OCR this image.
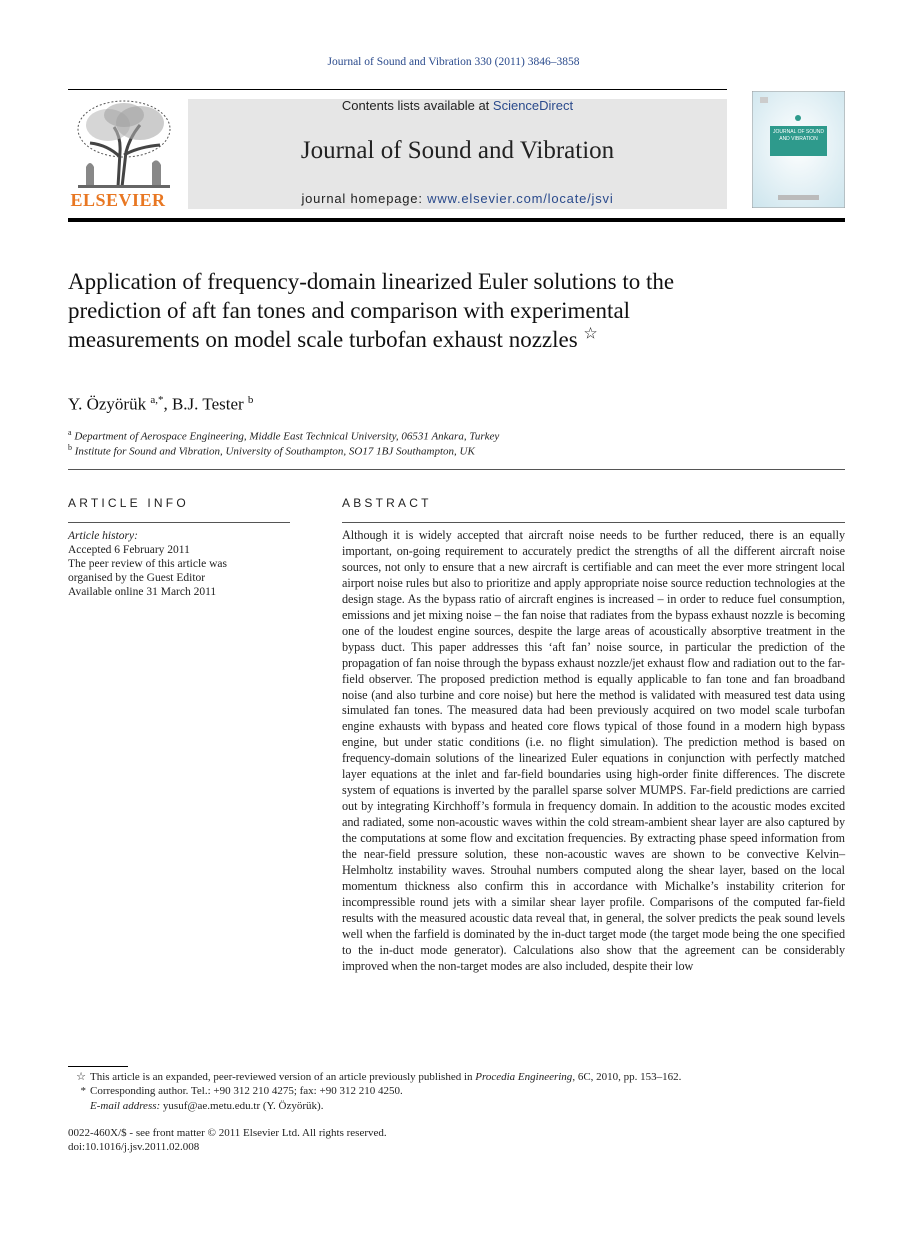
Journal of Sound and Vibration 330 (2011) 3846–3858
ELSEVIER
Contents lists available at ScienceDirect
Journal of Sound and Vibration
journal homepage: www.elsevier.com/locate/jsvi
JOURNAL OF SOUND AND VIBRATION
Application of frequency-domain linearized Euler solutions to the prediction of aft fan tones and comparison with experimental measurements on model scale turbofan exhaust nozzles ☆
Y. Özyörük $^{a,*}$, B.J. Tester $^b$
$^a$ Department of Aerospace Engineering, Middle East Technical University, 06531 Ankara, Turkey
$^b$ Institute for Sound and Vibration, University of Southampton, SO17 1BJ Southampton, UK
ARTICLE INFO
Article history:
Accepted 6 February 2011
The peer review of this article was
organised by the Guest Editor
Available online 31 March 2011
ABSTRACT
Although it is widely accepted that aircraft noise needs to be further reduced, there is an equally important, on-going requirement to accurately predict the strengths of all the different aircraft noise sources, not only to ensure that a new aircraft is certifiable and can meet the ever more stringent local airport noise rules but also to prioritize and apply appropriate noise source reduction technologies at the design stage. As the bypass ratio of aircraft engines is increased – in order to reduce fuel consumption, emissions and jet mixing noise – the fan noise that radiates from the bypass exhaust nozzle is becoming one of the loudest engine sources, despite the large areas of acoustically absorptive treatment in the bypass duct. This paper addresses this ‘aft fan’ noise source, in particular the prediction of the propagation of fan noise through the bypass exhaust nozzle/jet exhaust flow and radiation out to the far-field observer. The proposed prediction method is equally applicable to fan tone and fan broadband noise (and also turbine and core noise) but here the method is validated with measured test data using simulated fan tones. The measured data had been previously acquired on two model scale turbofan engine exhausts with bypass and heated core flows typical of those found in a modern high bypass engine, but under static conditions (i.e. no flight simulation). The prediction method is based on frequency-domain solutions of the linearized Euler equations in conjunction with perfectly matched layer equations at the inlet and far-field boundaries using high-order finite differences. The discrete system of equations is inverted by the parallel sparse solver MUMPS. Far-field predictions are carried out by integrating Kirchhoff’s formula in frequency domain. In addition to the acoustic modes excited and radiated, some non-acoustic waves within the cold stream-ambient shear layer are also captured by the computations at some flow and excitation frequencies. By extracting phase speed information from the near-field pressure solution, these non-acoustic waves are shown to be convective Kelvin–Helmholtz instability waves. Strouhal numbers computed along the shear layer, based on the local momentum thickness also confirm this in accordance with Michalke’s instability criterion for incompressible round jets with a similar shear layer profile. Comparisons of the computed far-field results with the measured acoustic data reveal that, in general, the solver predicts the peak sound levels well when the farfield is dominated by the in-duct target mode (the target mode being the one specified to the in-duct mode generator). Calculations also show that the agreement can be considerably improved when the non-target modes are also included, despite their low
☆ This article is an expanded, peer-reviewed version of an article previously published in Procedia Engineering, 6C, 2010, pp. 153–162.
* Corresponding author. Tel.: +90 312 210 4275; fax: +90 312 210 4250.
E-mail address: yusuf@ae.metu.edu.tr (Y. Özyörük).
0022-460X/$ - see front matter © 2011 Elsevier Ltd. All rights reserved.
doi:10.1016/j.jsv.2011.02.008
